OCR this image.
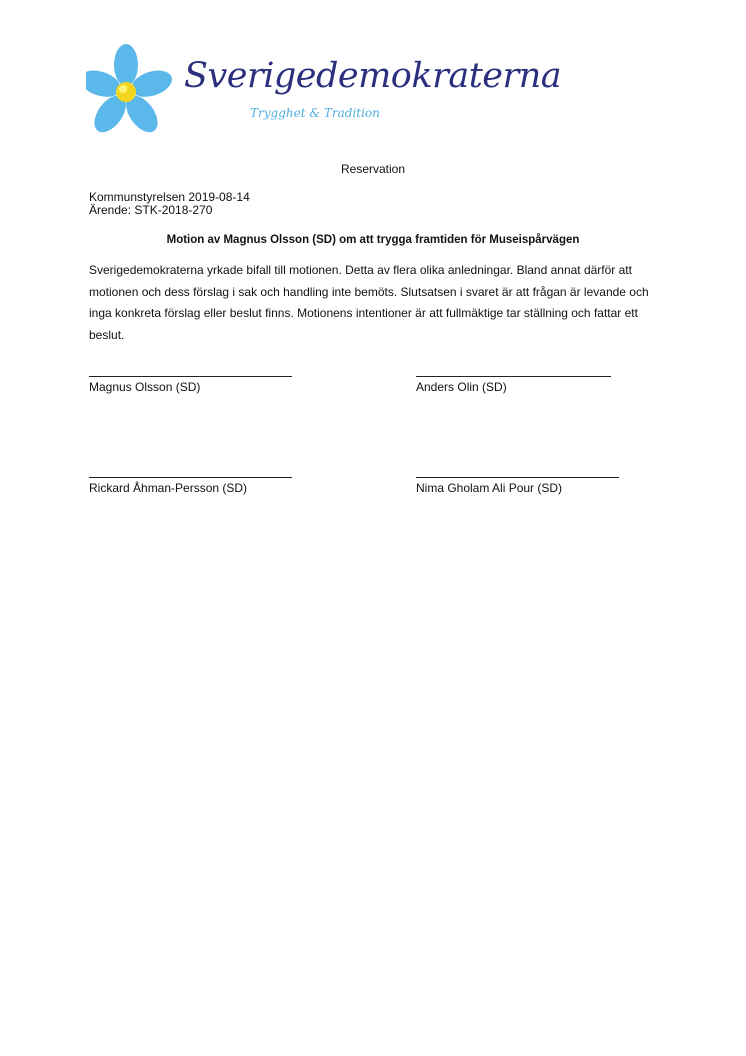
Sverigedemokraterna
Trygghet & Tradition
Reservation
Kommunstyrelsen 2019-08-14
Ärende: STK-2018-270
Motion av Magnus Olsson (SD) om att trygga framtiden för Museispårvägen
Sverigedemokraterna yrkade bifall till motionen. Detta av flera olika anledningar. Bland annat därför att motionen och dess förslag i sak och handling inte bemöts. Slutsatsen i svaret är att frågan är levande och inga konkreta förslag eller beslut finns. Motionens intentioner är att fullmäktige tar ställning och fattar ett beslut.
Magnus Olsson (SD)	Anders Olin (SD)
Rickard Åhman-Persson (SD)	Nima Gholam Ali Pour (SD)
